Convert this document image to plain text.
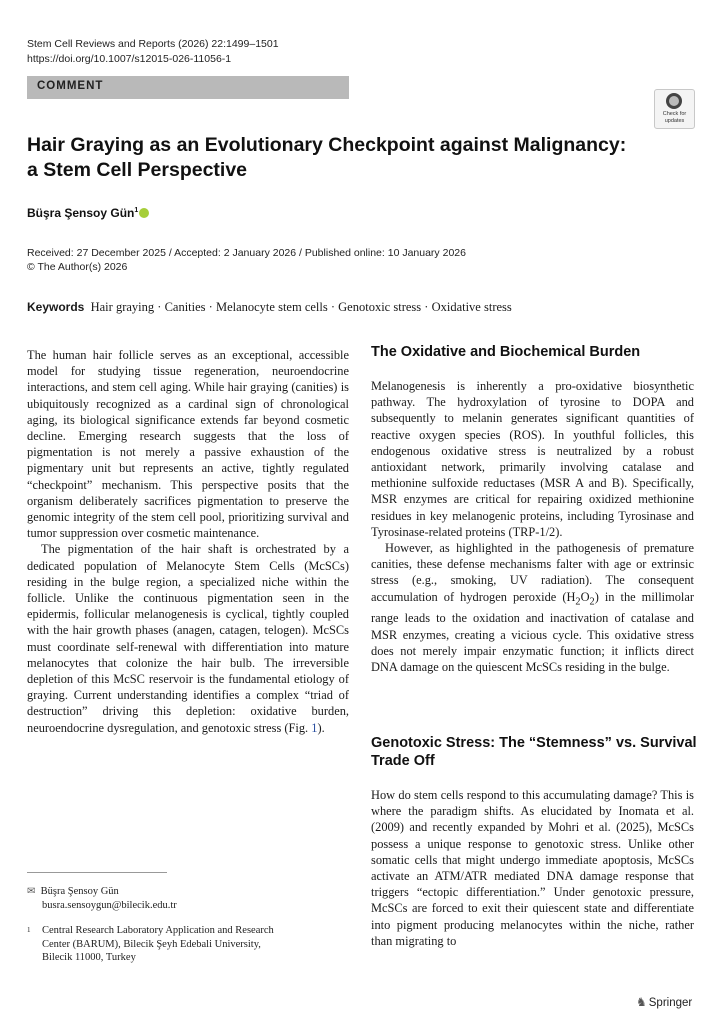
Stem Cell Reviews and Reports (2026) 22:1499–1501
https://doi.org/10.1007/s12015-026-11056-1
COMMENT
Check for updates
Hair Graying as an Evolutionary Checkpoint against Malignancy: a Stem Cell Perspective
Büşra Şensoy Gün$^1$
Received: 27 December 2025 / Accepted: 2 January 2026 / Published online: 10 January 2026
© The Author(s) 2026
Keywords Hair graying · Canities · Melanocyte stem cells · Genotoxic stress · Oxidative stress

The human hair follicle serves as an exceptional, accessible model for studying tissue regeneration, neuroendocrine interactions, and stem cell aging. While hair graying (canities) is ubiquitously recognized as a cardinal sign of chronological aging, its biological significance extends far beyond cosmetic decline. Emerging research suggests that the loss of pigmentation is not merely a passive exhaustion of the pigmentary unit but represents an active, tightly regulated “checkpoint” mechanism. This perspective posits that the organism deliberately sacrifices pigmentation to preserve the genomic integrity of the stem cell pool, prioritizing survival and tumor suppression over cosmetic maintenance.

The pigmentation of the hair shaft is orchestrated by a dedicated population of Melanocyte Stem Cells (McSCs) residing in the bulge region, a specialized niche within the follicle. Unlike the continuous pigmentation seen in the epidermis, follicular melanogenesis is cyclical, tightly coupled with the hair growth phases (anagen, catagen, telogen). McSCs must coordinate self-renewal with differentiation into mature melanocytes that colonize the hair bulb. The irreversible depletion of this McSC reservoir is the fundamental etiology of graying. Current understanding identifies a complex “triad of destruction” driving this depletion: oxidative burden, neuroendocrine dysregulation, and genotoxic stress (Fig. 1).

The Oxidative and Biochemical Burden

Melanogenesis is inherently a pro-oxidative biosynthetic pathway. The hydroxylation of tyrosine to DOPA and subsequently to melanin generates significant quantities of reactive oxygen species (ROS). In youthful follicles, this endogenous oxidative stress is neutralized by a robust antioxidant network, primarily involving catalase and methionine sulfoxide reductases (MSR A and B). Specifically, MSR enzymes are critical for repairing oxidized methionine residues in key melanogenic proteins, including Tyrosinase and Tyrosinase-related proteins (TRP-1/2).

However, as highlighted in the pathogenesis of premature canities, these defense mechanisms falter with age or extrinsic stress (e.g., smoking, UV radiation). The consequent accumulation of hydrogen peroxide $(H_2O_2)$ in the millimolar range leads to the oxidation and inactivation of catalase and MSR enzymes, creating a vicious cycle. This oxidative stress does not merely impair enzymatic function; it inflicts direct DNA damage on the quiescent McSCs residing in the bulge.

Genotoxic Stress: The “Stemness” vs. Survival Trade Off

How do stem cells respond to this accumulating damage? This is where the paradigm shifts. As elucidated by Inomata et al. (2009) and recently expanded by Mohri et al. (2025), McSCs possess a unique response to genotoxic stress. Unlike other somatic cells that might undergo immediate apoptosis, McSCs activate an ATM/ATR mediated DNA damage response that triggers “ectopic differentiation.” Under genotoxic pressure, McSCs are forced to exit their quiescent state and differentiate into pigment producing melanocytes within the niche, rather than migrating to

✉ Büşra Şensoy Gün
busra.sensoygun@bilecik.edu.tr
1	Central Research Laboratory Application and Research
Center (BARUM), Bilecik Şeyh Edebali University,
Bilecik 11000, Turkey
♞ Springer
